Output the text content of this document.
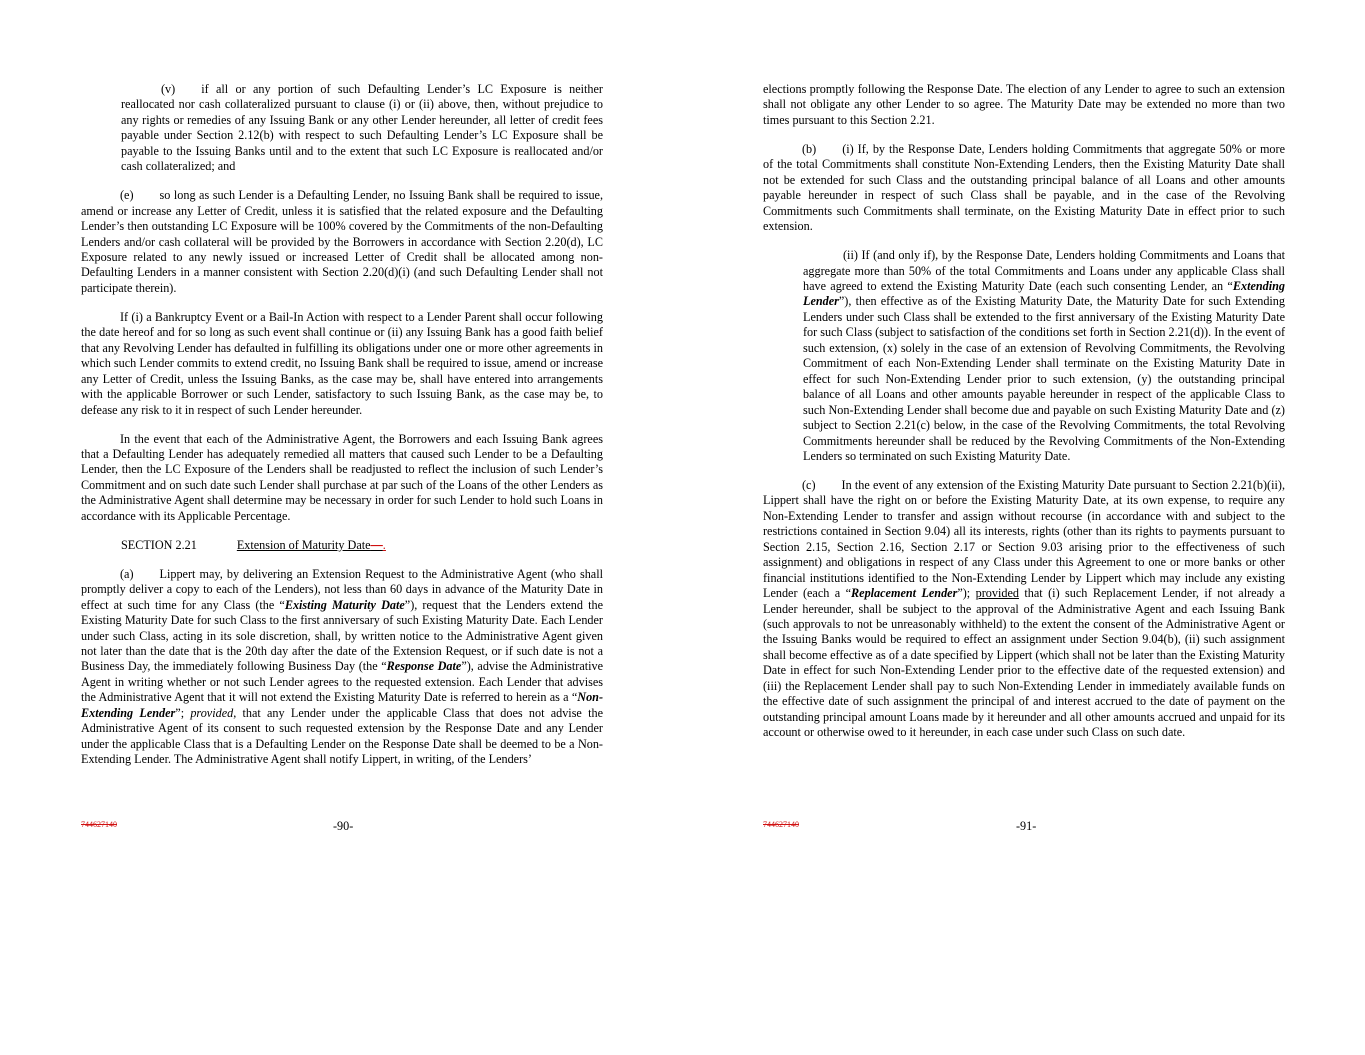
(v) if all or any portion of such Defaulting Lender’s LC Exposure is neither reallocated nor cash collateralized pursuant to clause (i) or (ii) above, then, without prejudice to any rights or remedies of any Issuing Bank or any other Lender hereunder, all letter of credit fees payable under Section 2.12(b) with respect to such Defaulting Lender’s LC Exposure shall be payable to the Issuing Banks until and to the extent that such LC Exposure is reallocated and/or cash collateralized; and

(e) so long as such Lender is a Defaulting Lender, no Issuing Bank shall be required to issue, amend or increase any Letter of Credit, unless it is satisfied that the related exposure and the Defaulting Lender’s then outstanding LC Exposure will be 100% covered by the Commitments of the non-Defaulting Lenders and/or cash collateral will be provided by the Borrowers in accordance with Section 2.20(d), LC Exposure related to any newly issued or increased Letter of Credit shall be allocated among non-Defaulting Lenders in a manner consistent with Section 2.20(d)(i) (and such Defaulting Lender shall not participate therein).

If (i) a Bankruptcy Event or a Bail-In Action with respect to a Lender Parent shall occur following the date hereof and for so long as such event shall continue or (ii) any Issuing Bank has a good faith belief that any Revolving Lender has defaulted in fulfilling its obligations under one or more other agreements in which such Lender commits to extend credit, no Issuing Bank shall be required to issue, amend or increase any Letter of Credit, unless the Issuing Banks, as the case may be, shall have entered into arrangements with the applicable Borrower or such Lender, satisfactory to such Issuing Bank, as the case may be, to defease any risk to it in respect of such Lender hereunder.

In the event that each of the Administrative Agent, the Borrowers and each Issuing Bank agrees that a Defaulting Lender has adequately remedied all matters that caused such Lender to be a Defaulting Lender, then the LC Exposure of the Lenders shall be readjusted to reflect the inclusion of such Lender’s Commitment and on such date such Lender shall purchase at par such of the Loans of the other Lenders as the Administrative Agent shall determine may be necessary in order for such Lender to hold such Loans in accordance with its Applicable Percentage.

SECTION 2.21	Extension of Maturity Date—.

(a) Lippert may, by delivering an Extension Request to the Administrative Agent (who shall promptly deliver a copy to each of the Lenders), not less than 60 days in advance of the Maturity Date in effect at such time for any Class (the “Existing Maturity Date”), request that the Lenders extend the Existing Maturity Date for such Class to the first anniversary of such Existing Maturity Date. Each Lender under such Class, acting in its sole discretion, shall, by written notice to the Administrative Agent given not later than the date that is the 20th day after the date of the Extension Request, or if such date is not a Business Day, the immediately following Business Day (the “Response Date”), advise the Administrative Agent in writing whether or not such Lender agrees to the requested extension. Each Lender that advises the Administrative Agent that it will not extend the Existing Maturity Date is referred to herein as a “Non-Extending Lender”; provided, that any Lender under the applicable Class that does not advise the Administrative Agent of its consent to such requested extension by the Response Date and any Lender under the applicable Class that is a Defaulting Lender on the Response Date shall be deemed to be a Non-Extending Lender. The Administrative Agent shall notify Lippert, in writing, of the Lenders’

744627140	-90-

elections promptly following the Response Date. The election of any Lender to agree to such an extension shall not obligate any other Lender to so agree. The Maturity Date may be extended no more than two times pursuant to this Section 2.21.

(b) (i) If, by the Response Date, Lenders holding Commitments that aggregate 50% or more of the total Commitments shall constitute Non-Extending Lenders, then the Existing Maturity Date shall not be extended for such Class and the outstanding principal balance of all Loans and other amounts payable hereunder in respect of such Class shall be payable, and in the case of the Revolving Commitments such Commitments shall terminate, on the Existing Maturity Date in effect prior to such extension.

(ii) If (and only if), by the Response Date, Lenders holding Commitments and Loans that aggregate more than 50% of the total Commitments and Loans under any applicable Class shall have agreed to extend the Existing Maturity Date (each such consenting Lender, an “Extending Lender”), then effective as of the Existing Maturity Date, the Maturity Date for such Extending Lenders under such Class shall be extended to the first anniversary of the Existing Maturity Date for such Class (subject to satisfaction of the conditions set forth in Section 2.21(d)). In the event of such extension, (x) solely in the case of an extension of Revolving Commitments, the Revolving Commitment of each Non-Extending Lender shall terminate on the Existing Maturity Date in effect for such Non-Extending Lender prior to such extension, (y) the outstanding principal balance of all Loans and other amounts payable hereunder in respect of the applicable Class to such Non-Extending Lender shall become due and payable on such Existing Maturity Date and (z) subject to Section 2.21(c) below, in the case of the Revolving Commitments, the total Revolving Commitments hereunder shall be reduced by the Revolving Commitments of the Non-Extending Lenders so terminated on such Existing Maturity Date.

(c) In the event of any extension of the Existing Maturity Date pursuant to Section 2.21(b)(ii), Lippert shall have the right on or before the Existing Maturity Date, at its own expense, to require any Non-Extending Lender to transfer and assign without recourse (in accordance with and subject to the restrictions contained in Section 9.04) all its interests, rights (other than its rights to payments pursuant to Section 2.15, Section 2.16, Section 2.17 or Section 9.03 arising prior to the effectiveness of such assignment) and obligations in respect of any Class under this Agreement to one or more banks or other financial institutions identified to the Non-Extending Lender by Lippert which may include any existing Lender (each a “Replacement Lender”); provided that (i) such Replacement Lender, if not already a Lender hereunder, shall be subject to the approval of the Administrative Agent and each Issuing Bank (such approvals to not be unreasonably withheld) to the extent the consent of the Administrative Agent or the Issuing Banks would be required to effect an assignment under Section 9.04(b), (ii) such assignment shall become effective as of a date specified by Lippert (which shall not be later than the Existing Maturity Date in effect for such Non-Extending Lender prior to the effective date of the requested extension) and (iii) the Replacement Lender shall pay to such Non-Extending Lender in immediately available funds on the effective date of such assignment the principal of and interest accrued to the date of payment on the outstanding principal amount Loans made by it hereunder and all other amounts accrued and unpaid for its account or otherwise owed to it hereunder, in each case under such Class on such date.

744627140	-91-
